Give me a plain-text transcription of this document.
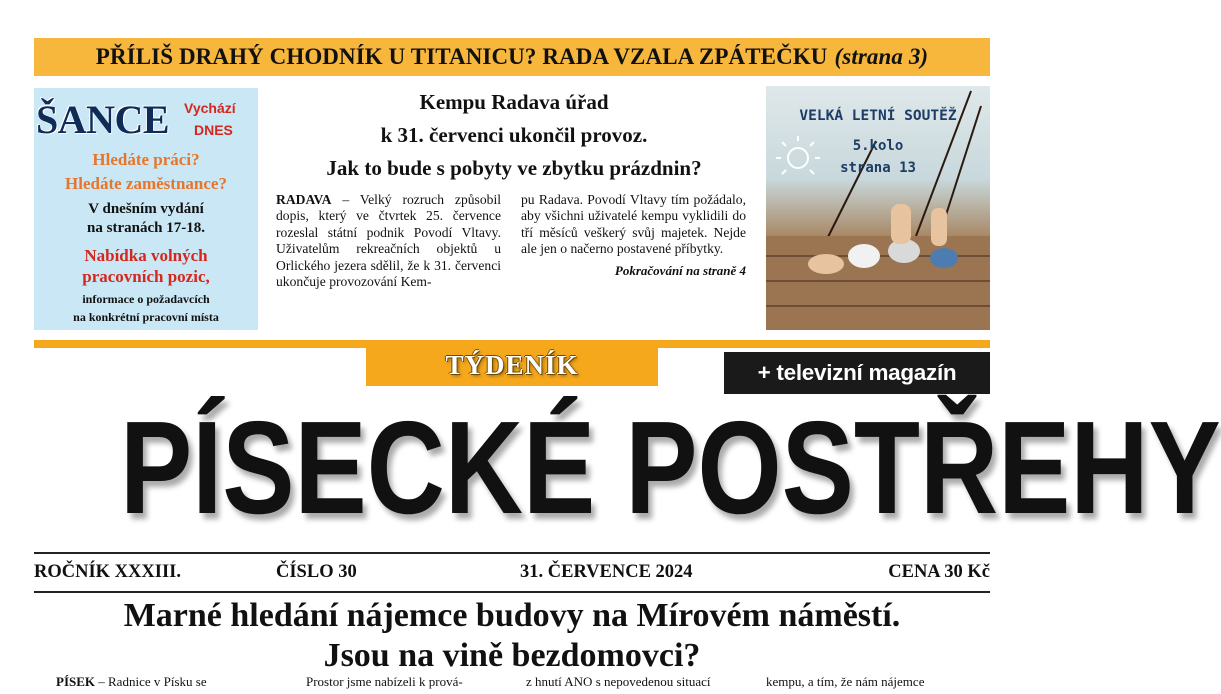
PŘÍLIŠ DRAHÝ CHODNÍK U TITANICU? RADA VZALA ZPÁTEČKU (strana 3)
ŠANCE Vychází
DNES
Hledáte práci?
Hledáte zaměstnance?
V dnešním vydání
na stranách 17-18.
Nabídka volných
pracovních pozic,
informace o požadavcích
na konkrétní pracovní místa
Kempu Radava úřad
k 31. červenci ukončil provoz.
Jak to bude s pobyty ve zbytku prázdnin?
RADAVA – Velký rozruch způsobil dopis, který ve čtvrtek 25. července rozeslal státní podnik Povodí Vltavy. Uživatelům rekreačních objektů u Orlického jezera sdělil, že k 31. červenci ukončuje provozování Kem-
pu Radava. Povodí Vltavy tím požádalo, aby všichni uživatelé kempu vyklidili do tří měsíců veškerý svůj majetek. Nejde ale jen o načerno postavené příbytky.
Pokračování na straně 4
VELKÁ LETNÍ SOUTĚŽ
5.kolo
strana 13
TÝDENÍK	+ televizní magazín
PÍSECKÉ POSTŘEHY
ROČNÍK XXXIII.	ČÍSLO 30	31. ČERVENCE 2024	CENA 30 Kč
Marné hledání nájemce budovy na Mírovém náměstí.
Jsou na vině bezdomovci?
PÍSEK – Radnice v Písku se	Prostor jsme nabízeli k prová-	z hnutí ANO s nepovedenou situací	kempu, a tím, že nám nájemce
